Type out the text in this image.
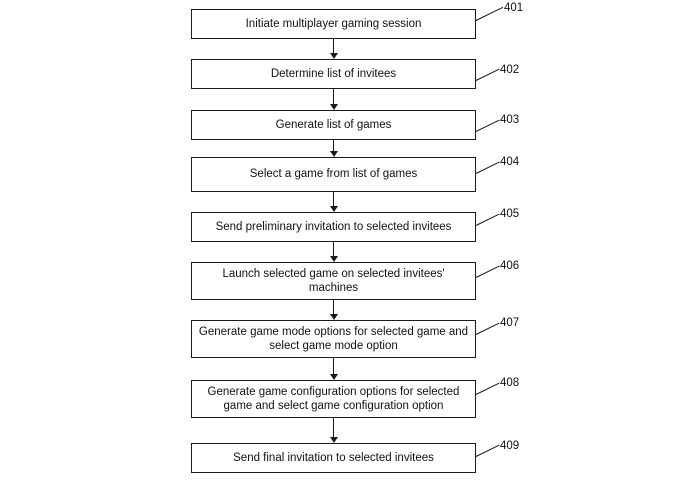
Initiate multiplayer gaming session
Determine list of invitees
Generate list of games
Select a game from list of games
Send preliminary invitation to selected invitees
Launch selected game on selected invitees' machines
Generate game mode options for selected game and select game mode option
Generate game configuration options for selected game and select game configuration option
Send final invitation to selected invitees
401
402
403
404
405
406
407
408
409
